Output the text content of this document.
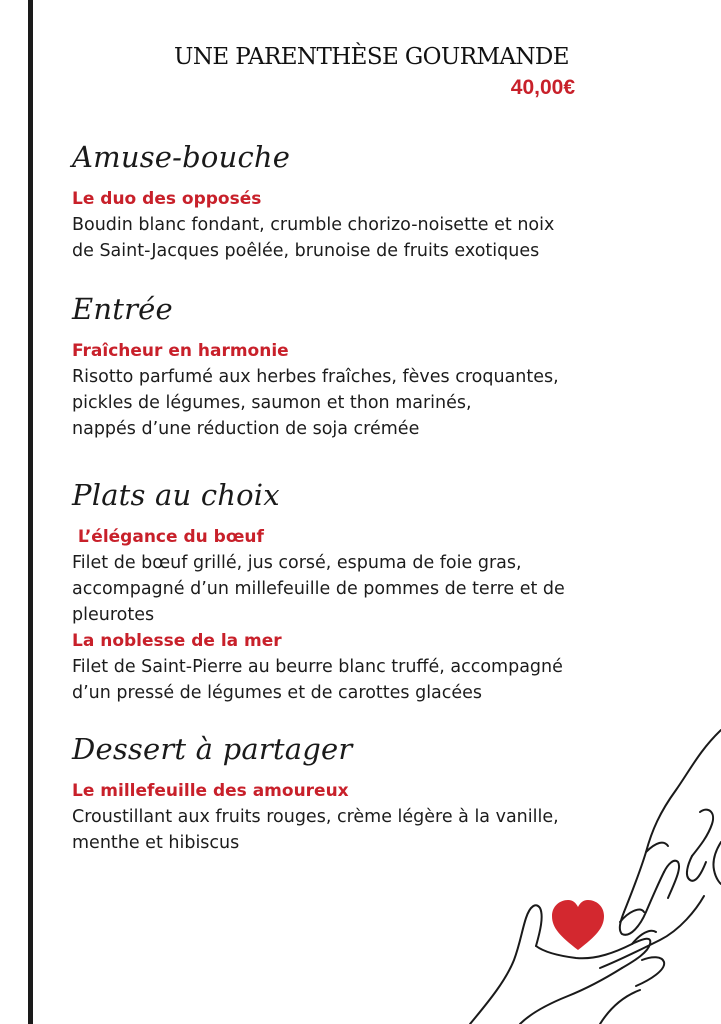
UNE PARENTHÈSE GOURMANDE
40,00€
Amuse-bouche
Le duo des opposés
Boudin blanc fondant, crumble chorizo-noisette et noix
de Saint-Jacques poêlée, brunoise de fruits exotiques
Entrée
Fraîcheur en harmonie
Risotto parfumé aux herbes fraîches, fèves croquantes,
pickles de légumes, saumon et thon marinés,
nappés d’une réduction de soja crémée
Plats au choix
L’élégance du bœuf
Filet de bœuf grillé, jus corsé, espuma de foie gras,
accompagné d’un millefeuille de pommes de terre et de
pleurotes
La noblesse de la mer
Filet de Saint-Pierre au beurre blanc truffé, accompagné
d’un pressé de légumes et de carottes glacées
Dessert à partager
Le millefeuille des amoureux
Croustillant aux fruits rouges, crème légère à la vanille,
menthe et hibiscus
